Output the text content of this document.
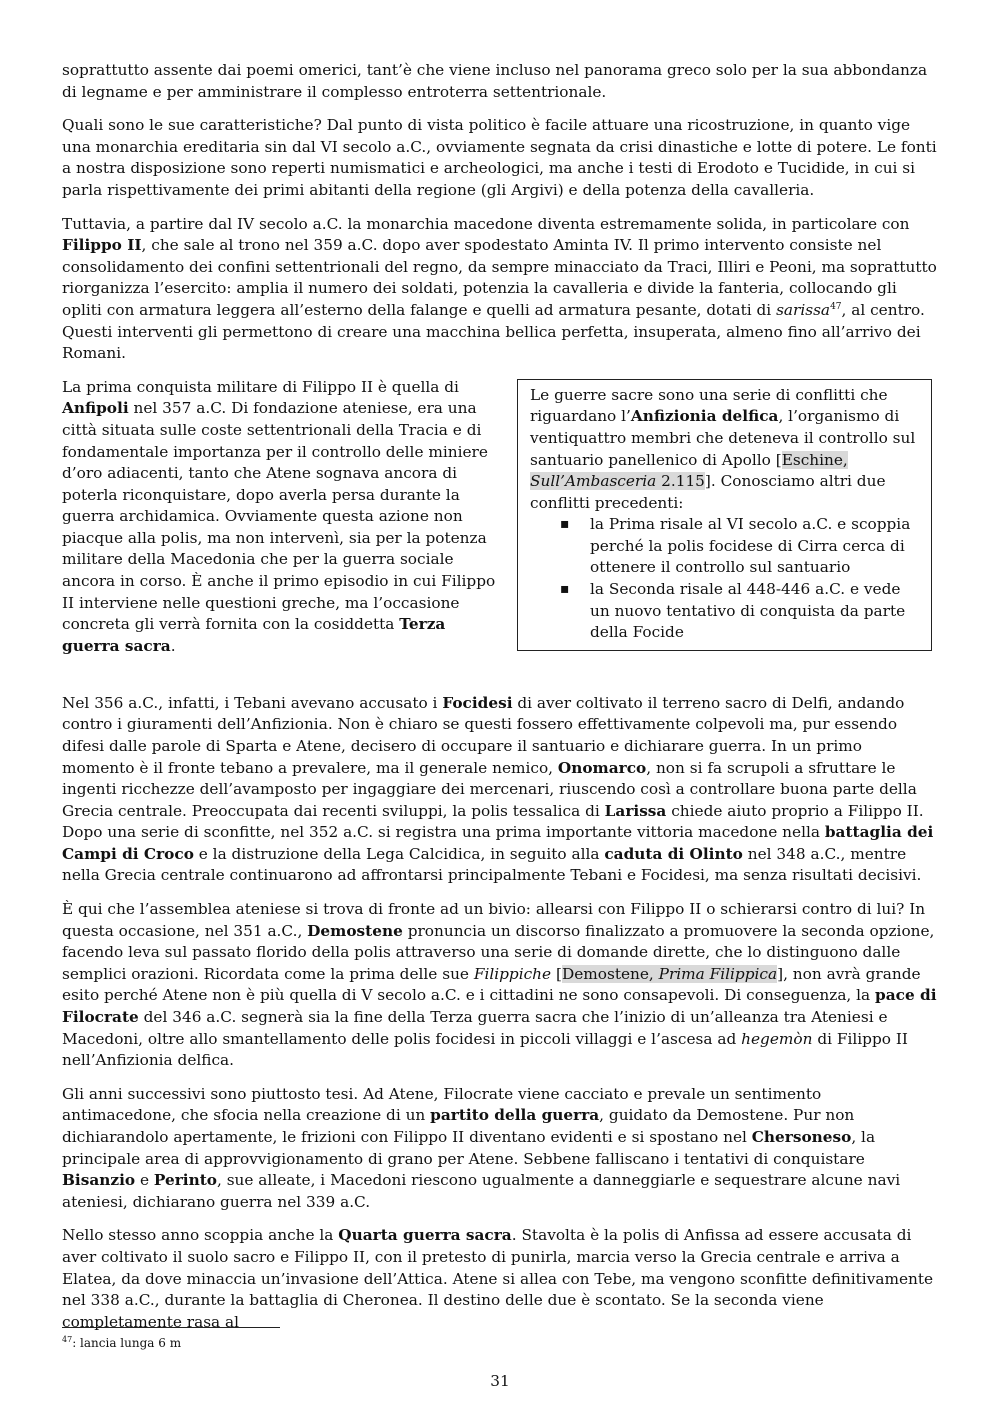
soprattutto assente dai poemi omerici, tant’è che viene incluso nel panorama greco solo per la sua abbondanza di legname e per amministrare il complesso entroterra settentrionale.

Quali sono le sue caratteristiche? Dal punto di vista politico è facile attuare una ricostruzione, in quanto vige una monarchia ereditaria sin dal VI secolo a.C., ovviamente segnata da crisi dinastiche e lotte di potere. Le fonti a nostra disposizione sono reperti numismatici e archeologici, ma anche i testi di Erodoto e Tucidide, in cui si parla rispettivamente dei primi abitanti della regione (gli Argivi) e della potenza della cavalleria.

Tuttavia, a partire dal IV secolo a.C. la monarchia macedone diventa estremamente solida, in particolare con Filippo II, che sale al trono nel 359 a.C. dopo aver spodestato Aminta IV. Il primo intervento consiste nel consolidamento dei confini settentrionali del regno, da sempre minacciato da Traci, Illiri e Peoni, ma soprattutto riorganizza l’esercito: amplia il numero dei soldati, potenzia la cavalleria e divide la fanteria, collocando gli opliti con armatura leggera all’esterno della falange e quelli ad armatura pesante, dotati di sarissa$^{47}$, al centro. Questi interventi gli permettono di creare una macchina bellica perfetta, insuperata, almeno fino all’arrivo dei Romani.

La prima conquista militare di Filippo II è quella di Anfipoli nel 357 a.C. Di fondazione ateniese, era una città situata sulle coste settentrionali della Tracia e di fondamentale importanza per il controllo delle miniere d’oro adiacenti, tanto che Atene sognava ancora di poterla riconquistare, dopo averla persa durante la guerra archidamica. Ovviamente questa azione non piacque alla polis, ma non intervenì, sia per la potenza militare della Macedonia che per la guerra sociale ancora in corso. È anche il primo episodio in cui Filippo II interviene nelle questioni greche, ma l’occasione concreta gli verrà fornita con la cosiddetta Terza guerra sacra.

Le guerre sacre sono una serie di conflitti che riguardano l’Anfizionia delfica, l’organismo di ventiquattro membri che deteneva il controllo sul santuario panellenico di Apollo [Eschine, Sull’Ambasceria 2.115]. Conosciamo altri due conflitti precedenti:
▪ la Prima risale al VI secolo a.C. e scoppia perché la polis focidese di Cirra cerca di ottenere il controllo sul santuario
▪ la Seconda risale al 448-446 a.C. e vede un nuovo tentativo di conquista da parte della Focide

Nel 356 a.C., infatti, i Tebani avevano accusato i Focidesi di aver coltivato il terreno sacro di Delfi, andando contro i giuramenti dell’Anfizionia. Non è chiaro se questi fossero effettivamente colpevoli ma, pur essendo difesi dalle parole di Sparta e Atene, decisero di occupare il santuario e dichiarare guerra. In un primo momento è il fronte tebano a prevalere, ma il generale nemico, Onomarco, non si fa scrupoli a sfruttare le ingenti ricchezze dell’avamposto per ingaggiare dei mercenari, riuscendo così a controllare buona parte della Grecia centrale. Preoccupata dai recenti sviluppi, la polis tessalica di Larissa chiede aiuto proprio a Filippo II. Dopo una serie di sconfitte, nel 352 a.C. si registra una prima importante vittoria macedone nella battaglia dei Campi di Croco e la distruzione della Lega Calcidica, in seguito alla caduta di Olinto nel 348 a.C., mentre nella Grecia centrale continuarono ad affrontarsi principalmente Tebani e Focidesi, ma senza risultati decisivi.

È qui che l’assemblea ateniese si trova di fronte ad un bivio: allearsi con Filippo II o schierarsi contro di lui? In questa occasione, nel 351 a.C., Demostene pronuncia un discorso finalizzato a promuovere la seconda opzione, facendo leva sul passato florido della polis attraverso una serie di domande dirette, che lo distinguono dalle semplici orazioni. Ricordata come la prima delle sue Filippiche [Demostene, Prima Filippica], non avrà grande esito perché Atene non è più quella di V secolo a.C. e i cittadini ne sono consapevoli. Di conseguenza, la pace di Filocrate del 346 a.C. segnerà sia la fine della Terza guerra sacra che l’inizio di un’alleanza tra Ateniesi e Macedoni, oltre allo smantellamento delle polis focidesi in piccoli villaggi e l’ascesa ad hegemòn di Filippo II nell’Anfizionia delfica.

Gli anni successivi sono piuttosto tesi. Ad Atene, Filocrate viene cacciato e prevale un sentimento antimacedone, che sfocia nella creazione di un partito della guerra, guidato da Demostene. Pur non dichiarandolo apertamente, le frizioni con Filippo II diventano evidenti e si spostano nel Chersoneso, la principale area di approvvigionamento di grano per Atene. Sebbene falliscano i tentativi di conquistare Bisanzio e Perinto, sue alleate, i Macedoni riescono ugualmente a danneggiarle e sequestrare alcune navi ateniesi, dichiarano guerra nel 339 a.C.

Nello stesso anno scoppia anche la Quarta guerra sacra. Stavolta è la polis di Anfissa ad essere accusata di aver coltivato il suolo sacro e Filippo II, con il pretesto di punirla, marcia verso la Grecia centrale e arriva a Elatea, da dove minaccia un’invasione dell’Attica. Atene si allea con Tebe, ma vengono sconfitte definitivamente nel 338 a.C., durante la battaglia di Cheronea. Il destino delle due è scontato. Se la seconda viene completamente rasa al

$^{47}$: lancia lunga 6 m
31
